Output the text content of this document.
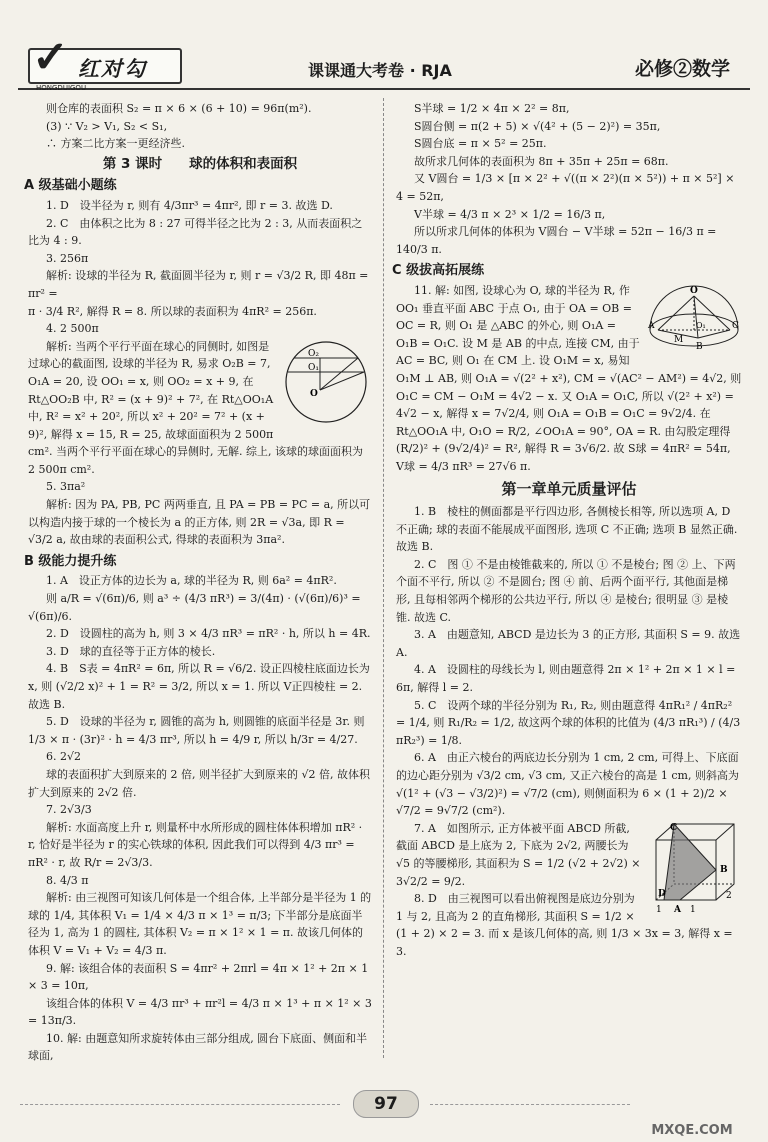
✓ 红对勾
HONGDUIGOU
课课通大考卷 · RJA	必修②数学

则仓库的表面积 S₂ = π × 6 × (6 + 10) = 96π(m²).

(3) ∵ V₂ > V₁, S₂ < S₁,

∴ 方案二比方案一更经济些.

第 3 课时　　球的体积和表面积
A 级基础小题练

1. D　设半径为 r, 则有 4/3πr³ = 4πr², 即 r = 3. 故选 D.

2. C　由体积之比为 8 : 27 可得半径之比为 2 : 3, 从而表面积之比为 4 : 9.

3. 256π

解析: 设球的半径为 R, 截面圆半径为 r, 则 r = √3/2 R, 即 48π = πr² =

π · 3/4 R², 解得 R = 8. 所以球的表面积为 4πR² = 256π.

4. 2 500π

O₂
O₁
O

解析: 当两个平行平面在球心的同侧时, 如图是过球心的截面图, 设球的半径为 R, 易求 O₂B = 7, O₁A = 20, 设 OO₁ = x, 则 OO₂ = x + 9, 在 Rt△OO₂B 中, R² = (x + 9)² + 7², 在 Rt△OO₁A 中, R² = x² + 20², 所以 x² + 20² = 7² + (x + 9)², 解得 x = 15, R = 25, 故球面面积为 2 500π cm². 当两个平行平面在球心的异侧时, 无解. 综上, 该球的球面面积为 2 500π cm².

5. 3πa²

解析: 因为 PA, PB, PC 两两垂直, 且 PA = PB = PC = a, 所以可以构造内接于球的一个棱长为 a 的正方体, 则 2R = √3a, 即 R = √3/2 a, 故由球的表面积公式, 得球的表面积为 3πa².

B 级能力提升练

1. A　设正方体的边长为 a, 球的半径为 R, 则 6a² = 4πR².

则 a/R = √(6π)/6, 则 a³ ÷ (4/3 πR³) = 3/(4π) · (√(6π)/6)³ = √(6π)/6.

2. D　设圆柱的高为 h, 则 3 × 4/3 πR³ = πR² · h, 所以 h = 4R.

3. D　球的直径等于正方体的棱长.

4. B　S表 = 4πR² = 6π, 所以 R = √6/2. 设正四棱柱底面边长为 x, 则 (√2/2 x)² + 1 = R² = 3/2, 所以 x = 1. 所以 V正四棱柱 = 2. 故选 B.

5. D　设球的半径为 r, 圆锥的高为 h, 则圆锥的底面半径是 3r. 则 1/3 × π · (3r)² · h = 4/3 πr³, 所以 h = 4/9 r, 所以 h/3r = 4/27.

6. 2√2

球的表面积扩大到原来的 2 倍, 则半径扩大到原来的 √2 倍, 故体积扩大到原来的 2√2 倍.

7. 2√3/3

解析: 水面高度上升 r, 则量杯中水所形成的圆柱体体积增加 πR² · r, 恰好是半径为 r 的实心铁球的体积, 因此我们可以得到 4/3 πr³ = πR² · r, 故 R/r = 2√3/3.

8. 4/3 π

解析: 由三视图可知该几何体是一个组合体, 上半部分是半径为 1 的球的 1/4, 其体积 V₁ = 1/4 × 4/3 π × 1³ = π/3; 下半部分是底面半径为 1, 高为 1 的圆柱, 其体积 V₂ = π × 1² × 1 = π. 故该几何体的体积 V = V₁ + V₂ = 4/3 π.

9. 解: 该组合体的表面积 S = 4πr² + 2πrl = 4π × 1² + 2π × 1 × 3 = 10π,

该组合体的体积 V = 4/3 πr³ + πr²l = 4/3 π × 1³ + π × 1² × 3 = 13π/3.

10. 解: 由题意知所求旋转体由三部分组成, 圆台下底面、侧面和半球面,

S半球 = 1/2 × 4π × 2² = 8π,

S圆台侧 = π(2 + 5) × √(4² + (5 − 2)²) = 35π,

S圆台底 = π × 5² = 25π.

故所求几何体的表面积为 8π + 35π + 25π = 68π.

又 V圆台 = 1/3 × [π × 2² + √((π × 2²)(π × 5²)) + π × 5²] × 4 = 52π,

V半球 = 4/3 π × 2³ × 1/2 = 16/3 π,

所以所求几何体的体积为 V圆台 − V半球 = 52π − 16/3 π = 140/3 π.

C 级拔高拓展练
O
A	C
B
M
O₁

11. 解: 如图, 设球心为 O, 球的半径为 R, 作 OO₁ 垂直平面 ABC 于点 O₁, 由于 OA = OB = OC = R, 则 O₁ 是 △ABC 的外心, 则 O₁A = O₁B = O₁C. 设 M 是 AB 的中点, 连接 CM, 由于 AC = BC, 则 O₁ 在 CM 上. 设 O₁M = x, 易知 O₁M ⊥ AB, 则 O₁A = √(2² + x²), CM = √(AC² − AM²) = 4√2, 则 O₁C = CM − O₁M = 4√2 − x. 又 O₁A = O₁C, 所以 √(2² + x²) = 4√2 − x, 解得 x = 7√2/4, 则 O₁A = O₁B = O₁C = 9√2/4. 在 Rt△OO₁A 中, O₁O = R/2, ∠OO₁A = 90°, OA = R. 由勾股定理得 (R/2)² + (9√2/4)² = R², 解得 R = 3√6/2. 故 S球 = 4πR² = 54π, V球 = 4/3 πR³ = 27√6 π.

第一章单元质量评估

1. B　棱柱的侧面都是平行四边形, 各侧棱长相等, 所以选项 A, D 不正确; 球的表面不能展成平面图形, 选项 C 不正确; 选项 B 显然正确. 故选 B.

2. C　图 ① 不是由棱锥截来的, 所以 ① 不是棱台; 图 ② 上、下两个面不平行, 所以 ② 不是圆台; 图 ④ 前、后两个面平行, 其他面是梯形, 且每相邻两个梯形的公共边平行, 所以 ④ 是棱台; 很明显 ③ 是棱锥. 故选 C.

3. A　由题意知, ABCD 是边长为 3 的正方形, 其面积 S = 9. 故选 A.

4. A　设圆柱的母线长为 l, 则由题意得 2π × 1² + 2π × 1 × l = 6π, 解得 l = 2.

5. C　设两个球的半径分别为 R₁, R₂, 则由题意得 4πR₁² / 4πR₂² = 1/4, 则 R₁/R₂ = 1/2, 故这两个球的体积的比值为 (4/3 πR₁³) / (4/3 πR₂³) = 1/8.

6. A　由正六棱台的两底边长分别为 1 cm, 2 cm, 可得上、下底面的边心距分别为 √3/2 cm, √3 cm, 又正六棱台的高是 1 cm, 则斜高为 √(1² + (√3 − √3/2)²) = √7/2 (cm), 则侧面积为 6 × (1 + 2)/2 × √7/2 = 9√7/2 (cm²).

C
B
D
1 A 1
2

7. A　如图所示, 正方体被平面 ABCD 所截, 截面 ABCD 是上底为 2, 下底为 2√2, 两腰长为 √5 的等腰梯形, 其面积为 S = 1/2 (√2 + 2√2) × 3√2/2 = 9/2.

8. D　由三视图可以看出俯视图是底边分别为 1 与 2, 且高为 2 的直角梯形, 其面积 S = 1/2 × (1 + 2) × 2 = 3. 而 x 是该几何体的高, 则 1/3 × 3x = 3, 解得 x = 3.

97
MXQE.COM
